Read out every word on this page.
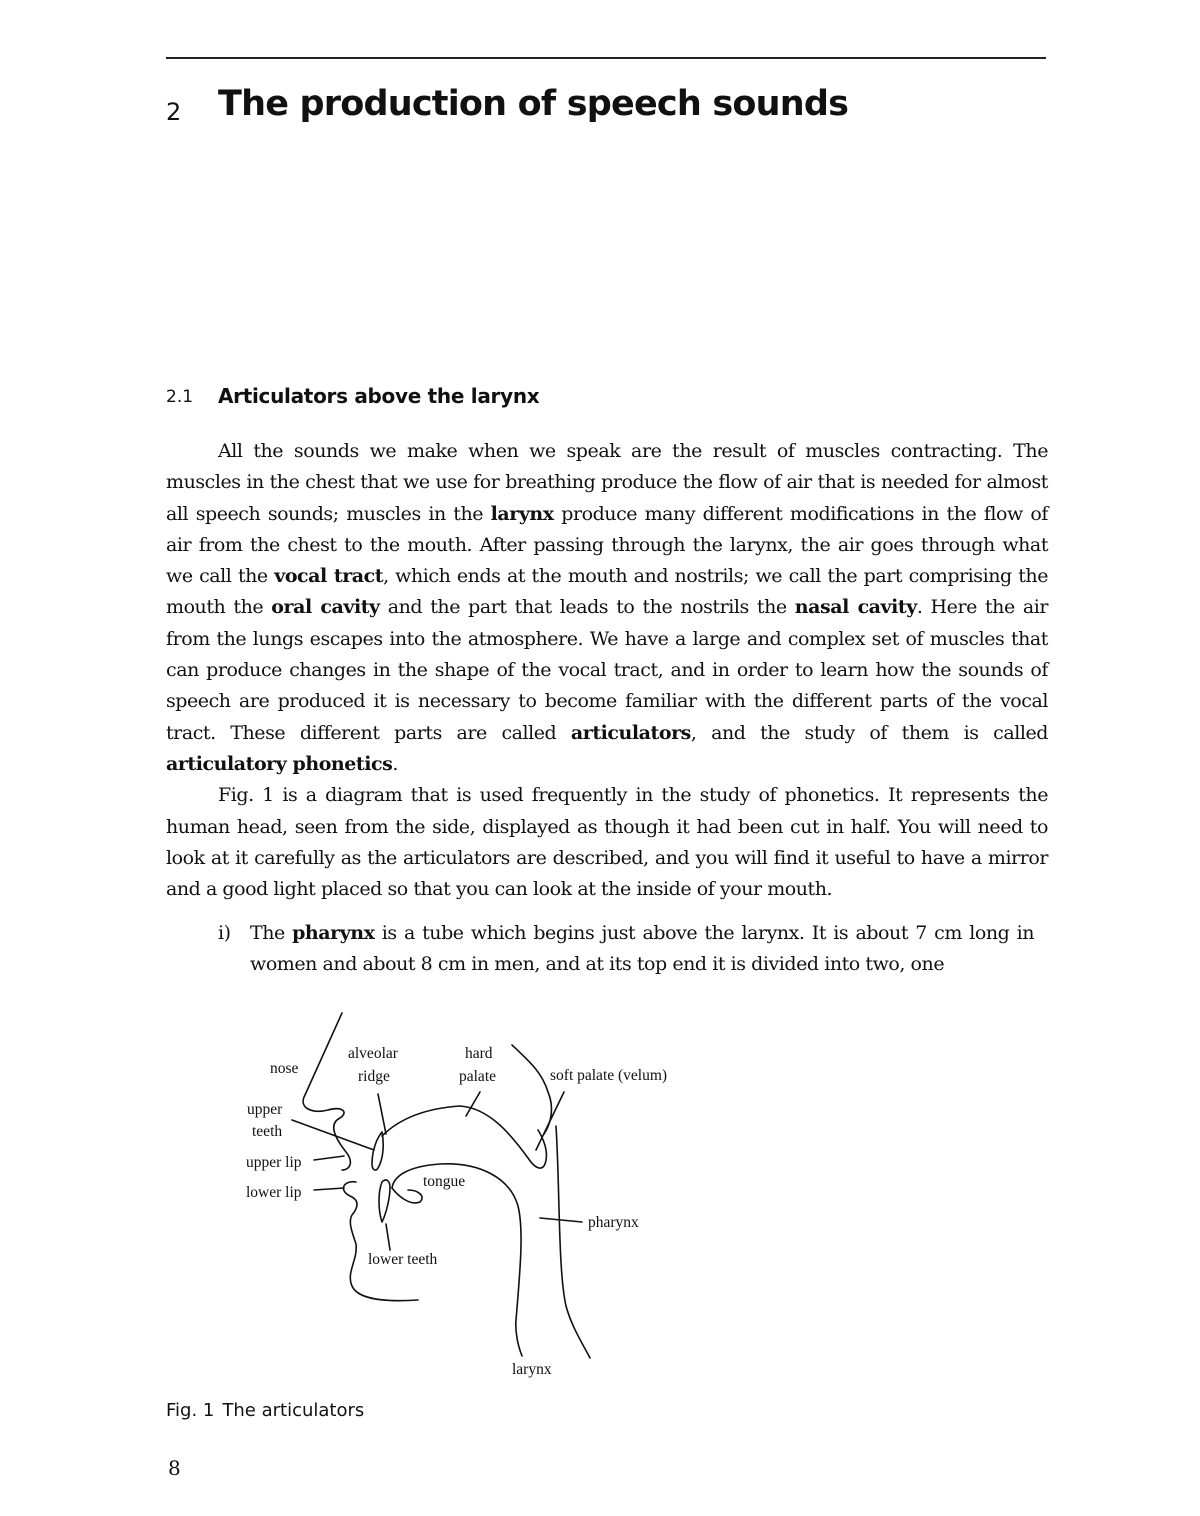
2 The production of speech sounds
2.1 Articulators above the larynx

All the sounds we make when we speak are the result of muscles contracting. The muscles in the chest that we use for breathing produce the flow of air that is needed for almost all speech sounds; muscles in the larynx produce many different modifications in the flow of air from the chest to the mouth. After passing through the larynx, the air goes through what we call the vocal tract, which ends at the mouth and nostrils; we call the part comprising the mouth the oral cavity and the part that leads to the nostrils the nasal cavity. Here the air from the lungs escapes into the atmosphere. We have a large and complex set of muscles that can produce changes in the shape of the vocal tract, and in order to learn how the sounds of speech are produced it is necessary to become familiar with the different parts of the vocal tract. These different parts are called articulators, and the study of them is called articulatory phonetics.

Fig. 1 is a diagram that is used frequently in the study of phonetics. It represents the human head, seen from the side, displayed as though it had been cut in half. You will need to look at it carefully as the articulators are described, and you will find it useful to have a mirror and a good light placed so that you can look at the inside of your mouth.

i) The pharynx is a tube which begins just above the larynx. It is about 7 cm long in women and about 8 cm in men, and at its top end it is divided into two, one
nose
alveolar
ridge
hard
palate	soft palate (velum)
upper
teeth
upper lip
lower lip
tongue
pharynx
lower teeth
larynx
Fig. 1 The articulators
8
